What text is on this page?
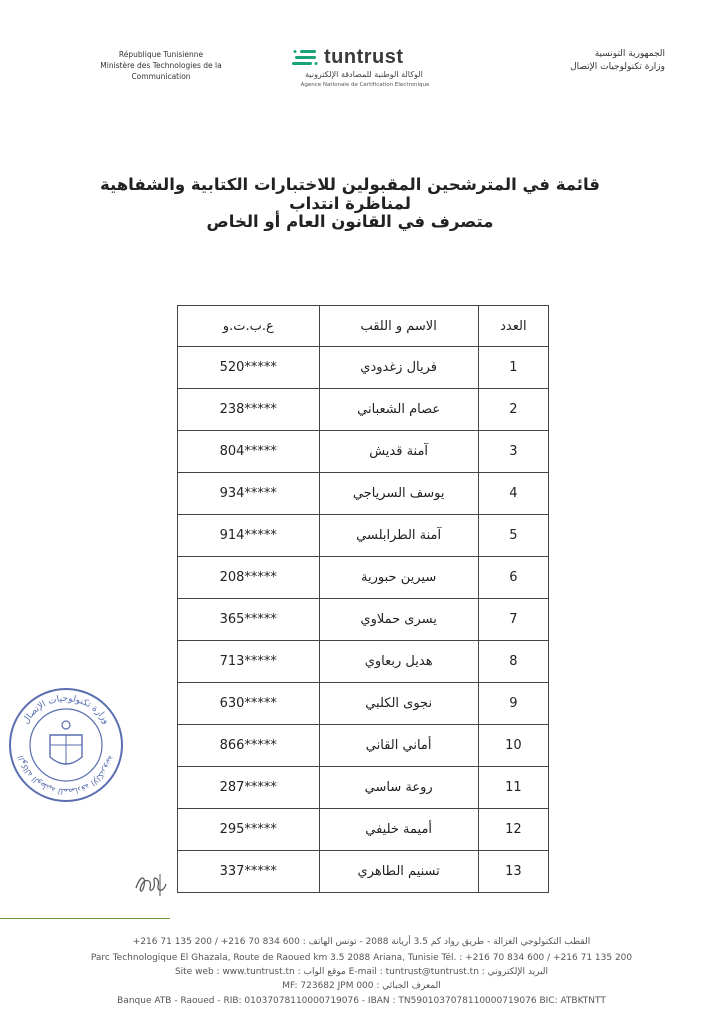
République Tunisienne
Ministère des Technologies de la Communication
tuntrust
الوكالة الوطنية للمصادقة الإلكترونية
Agence Nationale de Certification Electronique
الجمهورية التونسية
وزارة تكنولوجيات الإتصال
قائمة في المترشحين المقبولين للاختبارات الكتابية والشفاهية لمناظرة انتداب
متصرف في القانون العام أو الخاص
العدد	الاسم و اللقب	ع.ب.ت.و
1	فريال زغدودي	520*****
2	عصام الشعباني	238*****
3	آمنة قديش	804*****
4	يوسف السرياجي	934*****
5	آمنة الطرابلسي	914*****
6	سيرين حبورية	208*****
7	يسرى حملاوي	365*****
8	هديل ربعاوي	713*****
9	نجوى الكلبي	630*****
10	أماني القاني	866*****
11	روعة ساسي	287*****
12	أميمة خليفي	295*****
13	تسنيم الطاهري	337*****
وزارة تكنولوجيات الإتصال
الوكالة الوطنية للمصادقة الإلكترونية
القطب التكنولوجي الغزالة - طريق رواد كم 3.5 أريانة 2088 - تونس الهاتف : 600 834 70 216+ / 200 135 71 216+
Parc Technologique El Ghazala, Route de Raoued km 3.5 2088 Ariana, Tunisie Tél. : +216 70 834 600 / +216 71 135 200
Site web : www.tuntrust.tn : موقع الواب E-mail : tuntrust@tuntrust.tn : البريد الإلكتروني
المعرف الجبائي : MF: 723682 JPM 000
Banque ATB - Raoued - RIB: 01037078110000719076 - IBAN : TN5901037078110000719076 BIC: ATBKTNTT
